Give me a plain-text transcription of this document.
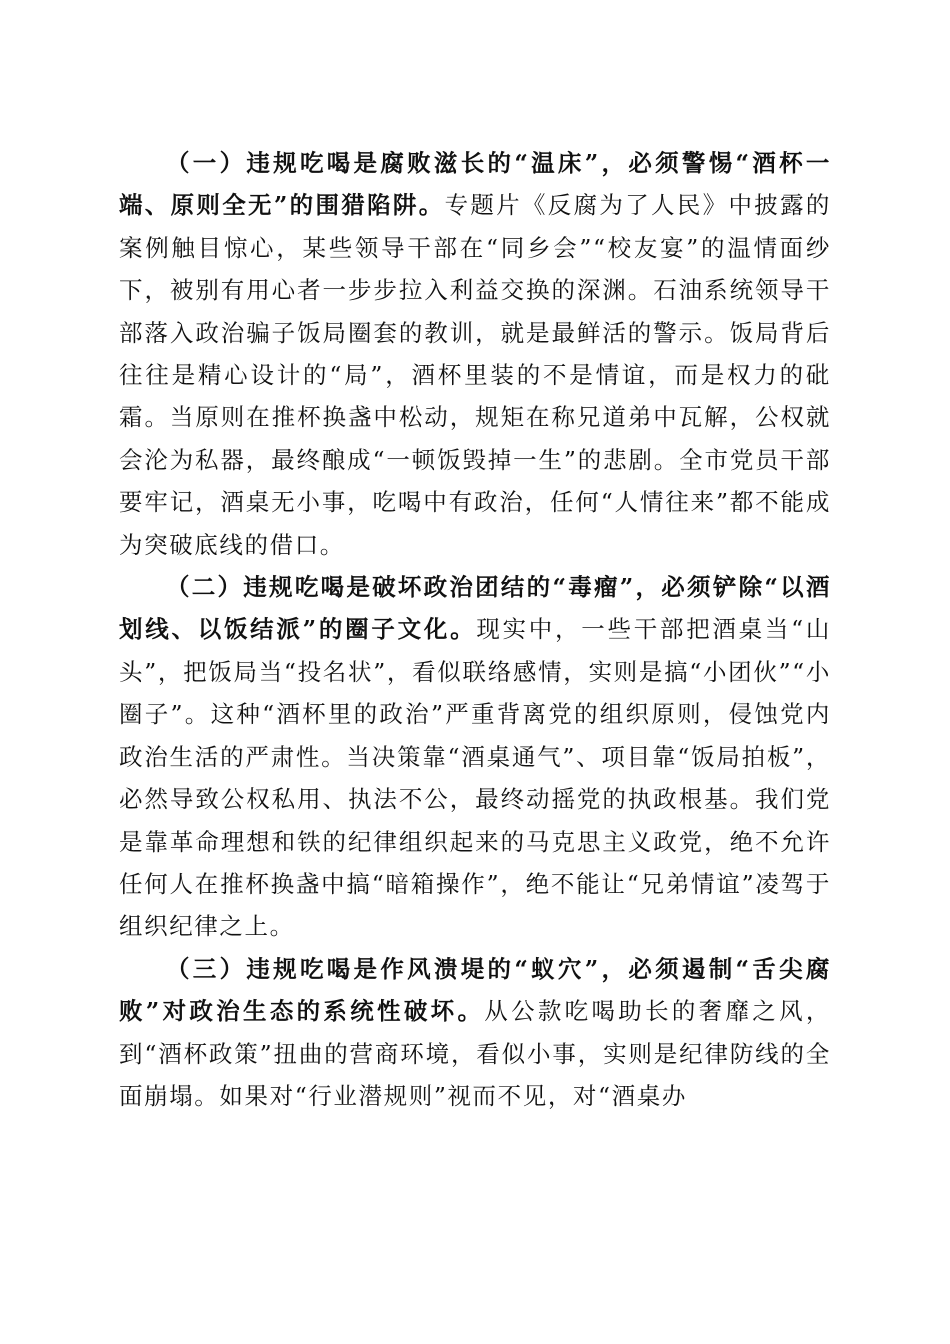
（一）违规吃喝是腐败滋长的“温床”，必须警惕“酒杯一端、原则全无”的围猎陷阱。专题片《反腐为了人民》中披露的案例触目惊心，某些领导干部在“同乡会”“校友宴”的温情面纱下，被别有用心者一步步拉入利益交换的深渊。石油系统领导干部落入政治骗子饭局圈套的教训，就是最鲜活的警示。饭局背后往往是精心设计的“局”，酒杯里装的不是情谊，而是权力的砒霜。当原则在推杯换盏中松动，规矩在称兄道弟中瓦解，公权就会沦为私器，最终酿成“一顿饭毁掉一生”的悲剧。全市党员干部要牢记，酒桌无小事，吃喝中有政治，任何“人情往来”都不能成为突破底线的借口。

（二）违规吃喝是破坏政治团结的“毒瘤”，必须铲除“以酒划线、以饭结派”的圈子文化。现实中，一些干部把酒桌当“山头”，把饭局当“投名状”，看似联络感情，实则是搞“小团伙”“小圈子”。这种“酒杯里的政治”严重背离党的组织原则，侵蚀党内政治生活的严肃性。当决策靠“酒桌通气”、项目靠“饭局拍板”，必然导致公权私用、执法不公，最终动摇党的执政根基。我们党是靠革命理想和铁的纪律组织起来的马克思主义政党，绝不允许任何人在推杯换盏中搞“暗箱操作”，绝不能让“兄弟情谊”凌驾于组织纪律之上。

（三）违规吃喝是作风溃堤的“蚁穴”，必须遏制“舌尖腐败”对政治生态的系统性破坏。从公款吃喝助长的奢靡之风，到“酒杯政策”扭曲的营商环境，看似小事，实则是纪律防线的全面崩塌。如果对“行业潜规则”视而不见，对“酒桌办
